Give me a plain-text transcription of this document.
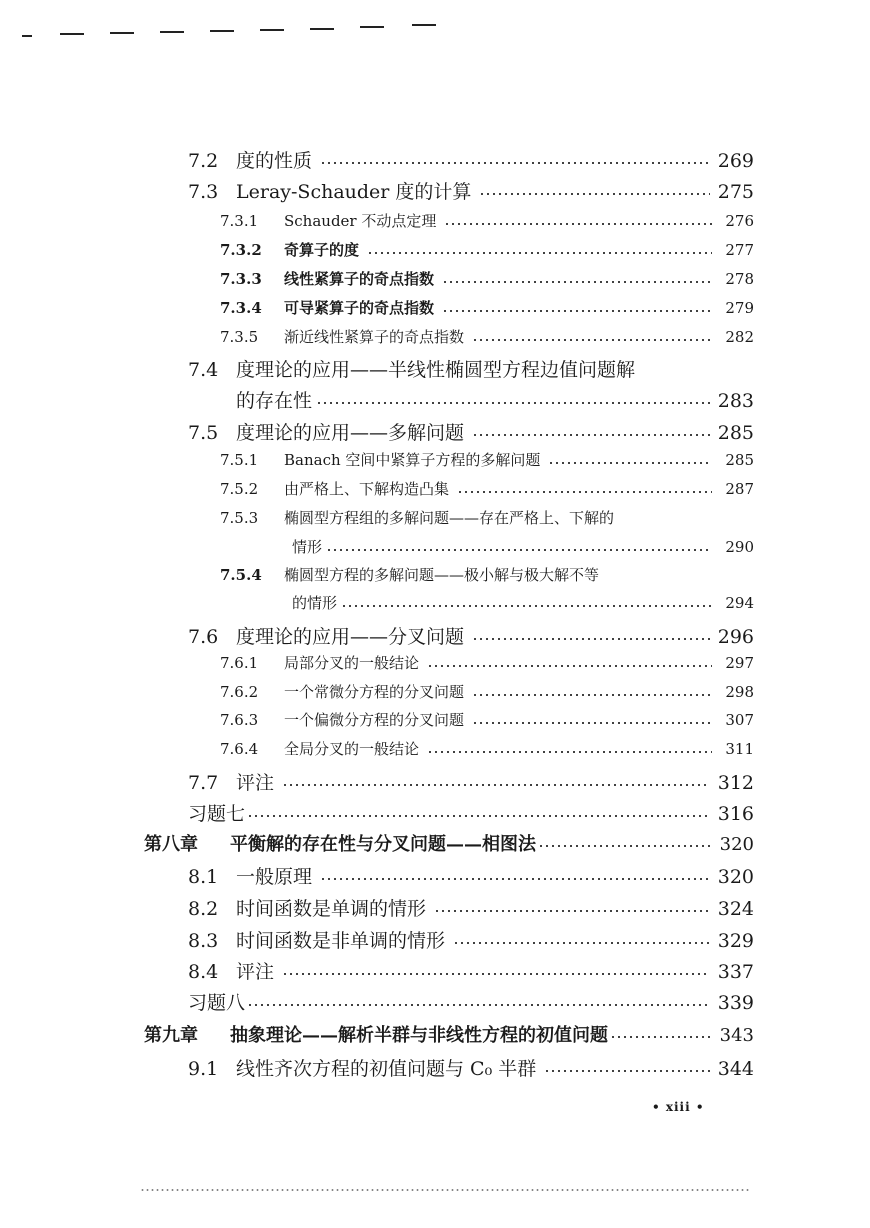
7.2 度的性质	269
7.3 Leray-Schauder 度的计算	275
7.3.1	Schauder 不动点定理	276
7.3.2	奇算子的度	277
7.3.3	线性紧算子的奇点指数	278
7.3.4	可导紧算子的奇点指数	279
7.3.5	渐近线性紧算子的奇点指数	282
7.4 度理论的应用——半线性椭圆型方程边值问题解
的存在性	283
7.5 度理论的应用——多解问题	285
7.5.1	Banach 空间中紧算子方程的多解问题	285
7.5.2	由严格上、下解构造凸集	287
7.5.3	椭圆型方程组的多解问题——存在严格上、下解的
情形	290
7.5.4	椭圆型方程的多解问题——极小解与极大解不等
的情形	294
7.6 度理论的应用——分叉问题	296
7.6.1	局部分叉的一般结论	297
7.6.2	一个常微分方程的分叉问题	298
7.6.3	一个偏微分方程的分叉问题	307
7.6.4	全局分叉的一般结论	311
7.7 评注	312
习题七	316
第八章	平衡解的存在性与分叉问题——相图法	320
8.1 一般原理	320
8.2 时间函数是单调的情形	324
8.3 时间函数是非单调的情形	329
8.4 评注	337
习题八	339
第九章	抽象理论——解析半群与非线性方程的初值问题	343
9.1 线性齐次方程的初值问题与 C₀ 半群	344
• xiii •
